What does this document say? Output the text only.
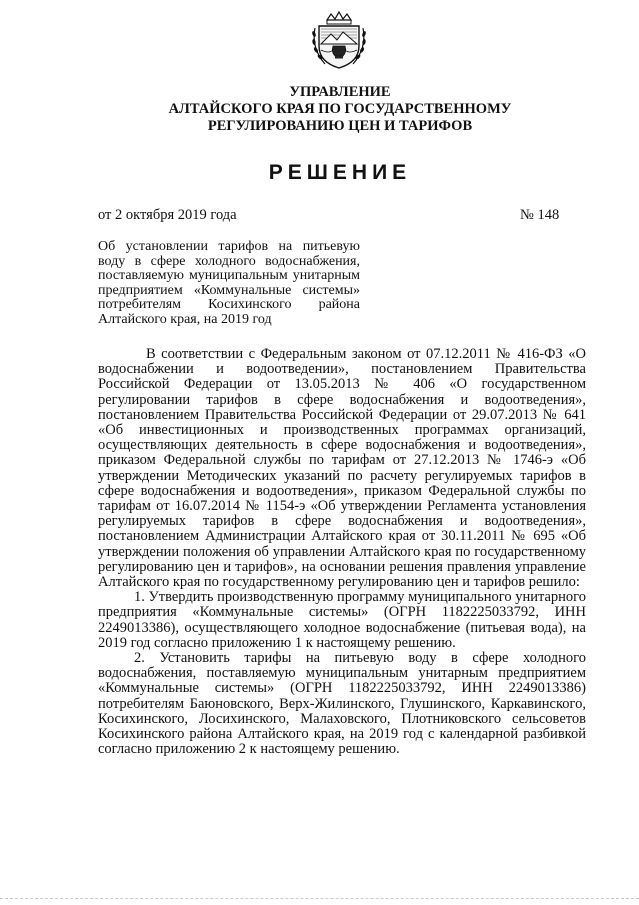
УПРАВЛЕНИЕ
АЛТАЙСКОГО КРАЯ ПО ГОСУДАРСТВЕННОМУ
РЕГУЛИРОВАНИЮ ЦЕН И ТАРИФОВ
РЕШЕНИЕ
от 2 октября 2019 года	№ 148
Об установлении тарифов на питьевую воду в сфере холодного водоснабжения, поставляемую муниципальным унитарным предприятием «Коммунальные системы» потребителям Косихинского района Алтайского края, на 2019 год

В соответствии с Федеральным законом от 07.12.2011 № 416-ФЗ «О водоснабжении и водоотведении», постановлением Правительства Российской Федерации от 13.05.2013 № 406 «О государственном регулировании тарифов в сфере водоснабжения и водоотведения», постановлением Правительства Российской Федерации от 29.07.2013 № 641 «Об инвестиционных и производственных программах организаций, осуществляющих деятельность в сфере водоснабжения и водоотведения», приказом Федеральной службы по тарифам от 27.12.2013 № 1746-э «Об утверждении Методических указаний по расчету регулируемых тарифов в сфере водоснабжения и водоотведения», приказом Федеральной службы по тарифам от 16.07.2014 № 1154-э «Об утверждении Регламента установления регулируемых тарифов в сфере водоснабжения и водоотведения», постановлением Администрации Алтайского края от 30.11.2011 № 695 «Об утверждении положения об управлении Алтайского края по государственному регулированию цен и тарифов», на основании решения правления управление Алтайского края по государственному регулированию цен и тарифов решило:

1. Утвердить производственную программу муниципального унитарного предприятия «Коммунальные системы» (ОГРН 1182225033792, ИНН 2249013386), осуществляющего холодное водоснабжение (питьевая вода), на 2019 год согласно приложению 1 к настоящему решению.

2. Установить тарифы на питьевую воду в сфере холодного водоснабжения, поставляемую муниципальным унитарным предприятием «Коммунальные системы» (ОГРН 1182225033792, ИНН 2249013386) потребителям Баюновского, Верх-Жилинского, Глушинского, Каркавинского, Косихинского, Лосихинского, Малаховского, Плотниковского сельсоветов Косихинского района Алтайского края, на 2019 год с календарной разбивкой согласно приложению 2 к настоящему решению.
